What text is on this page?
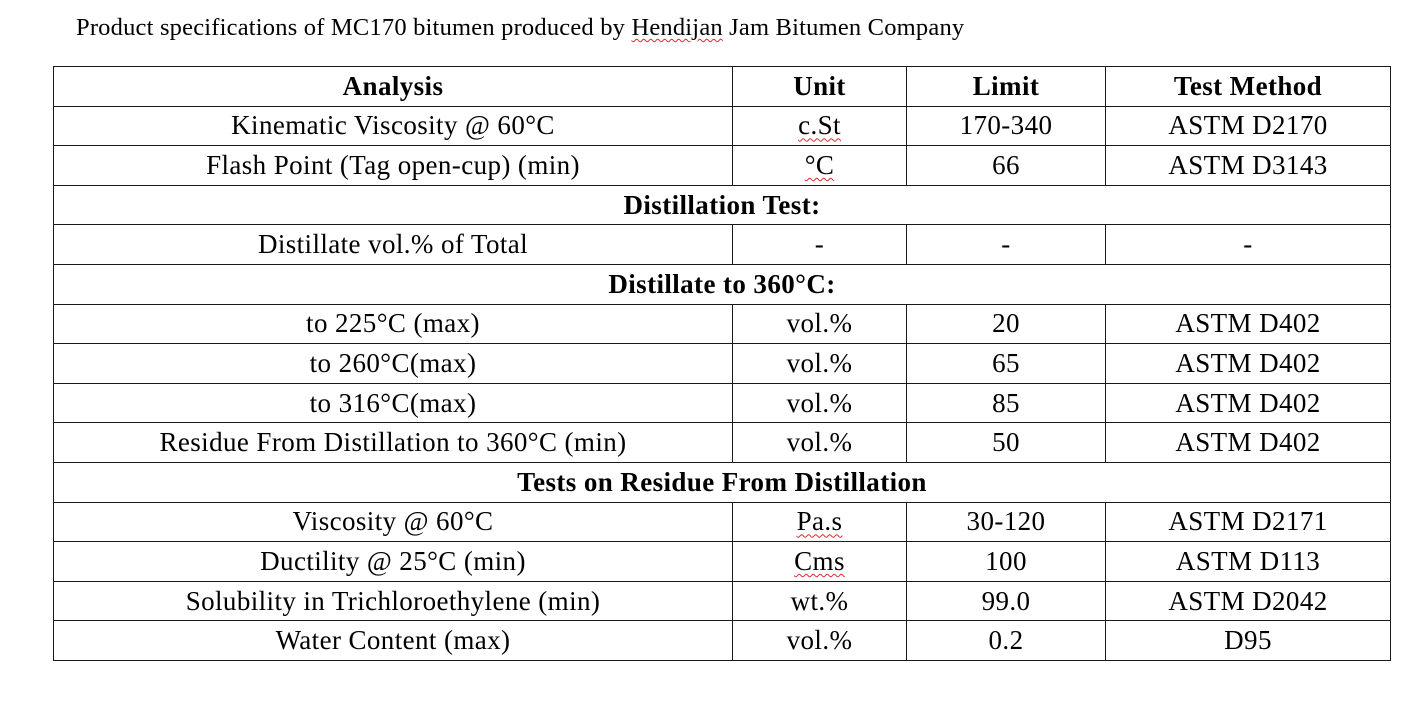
Product specifications of MC170 bitumen produced by Hendijan Jam Bitumen Company
Analysis	Unit	Limit	Test Method
Kinematic Viscosity @ 60°C	c.St	170-340	ASTM D2170
Flash Point (Tag open-cup) (min)	°C	66	ASTM D3143
Distillation Test:			
Distillate vol.% of Total	-	-	-
Distillate to 360°C:			
to 225°C (max)	vol.%	20	ASTM D402
to 260°C(max)	vol.%	65	ASTM D402
to 316°C(max)	vol.%	85	ASTM D402
Residue From Distillation to 360°C (min)	vol.%	50	ASTM D402
Tests on Residue From Distillation			
Viscosity @ 60°C	Pa.s	30-120	ASTM D2171
Ductility @ 25°C (min)	Cms	100	ASTM D113
Solubility in Trichloroethylene (min)	wt.%	99.0	ASTM D2042
Water Content (max)	vol.%	0.2	D95
